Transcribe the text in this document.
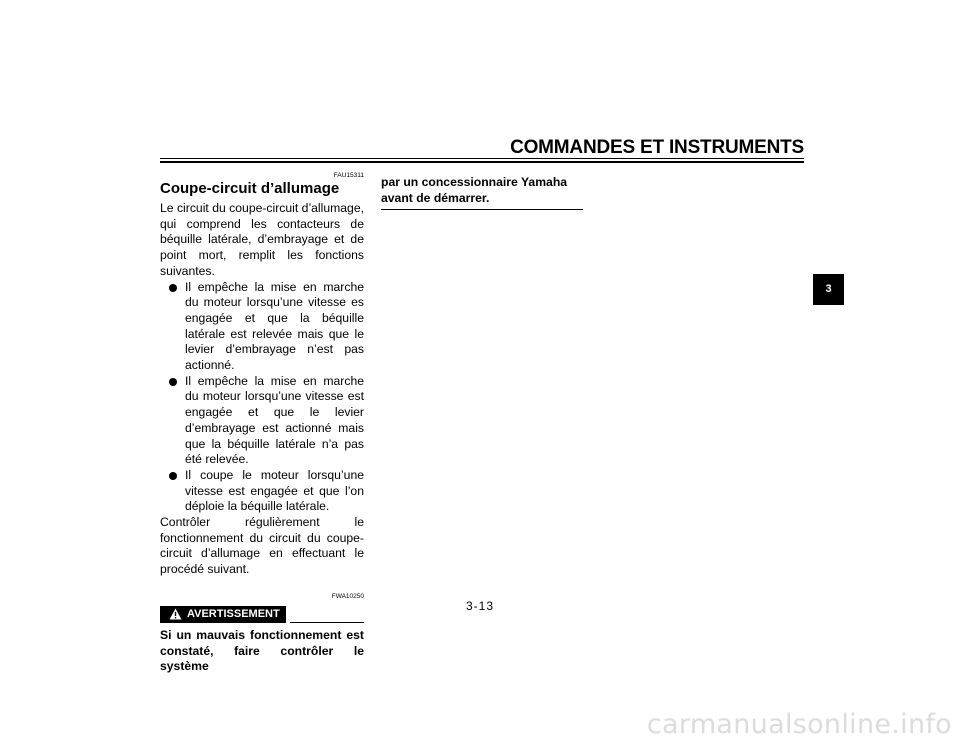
COMMANDES ET INSTRUMENTS
FAU15311
Coupe-circuit d’allumage

Le circuit du coupe-circuit d’allumage, qui comprend les contacteurs de béquille latérale, d’embrayage et de point mort, remplit les fonctions suivantes.

Il empêche la mise en marche du moteur lorsqu’une vitesse es engagée et que la béquille latérale est relevée mais que le levier d’embrayage n’est pas actionné.
Il empêche la mise en marche du moteur lorsqu’une vitesse est engagée et que le levier d’embrayage est actionné mais que la béquille latérale n’a pas été relevée.
Il coupe le moteur lorsqu’une vitesse est engagée et que l’on déploie la béquille latérale.

Contrôler régulièrement le fonctionnement du circuit du coupe-circuit d’allumage en effectuant le procédé suivant.

FWA10250
AVERTISSEMENT

Si un mauvais fonctionnement est constaté, faire contrôler le système

par un concessionnaire Yamaha avant de démarrer.

3
3-13
carmanualsonline.info
